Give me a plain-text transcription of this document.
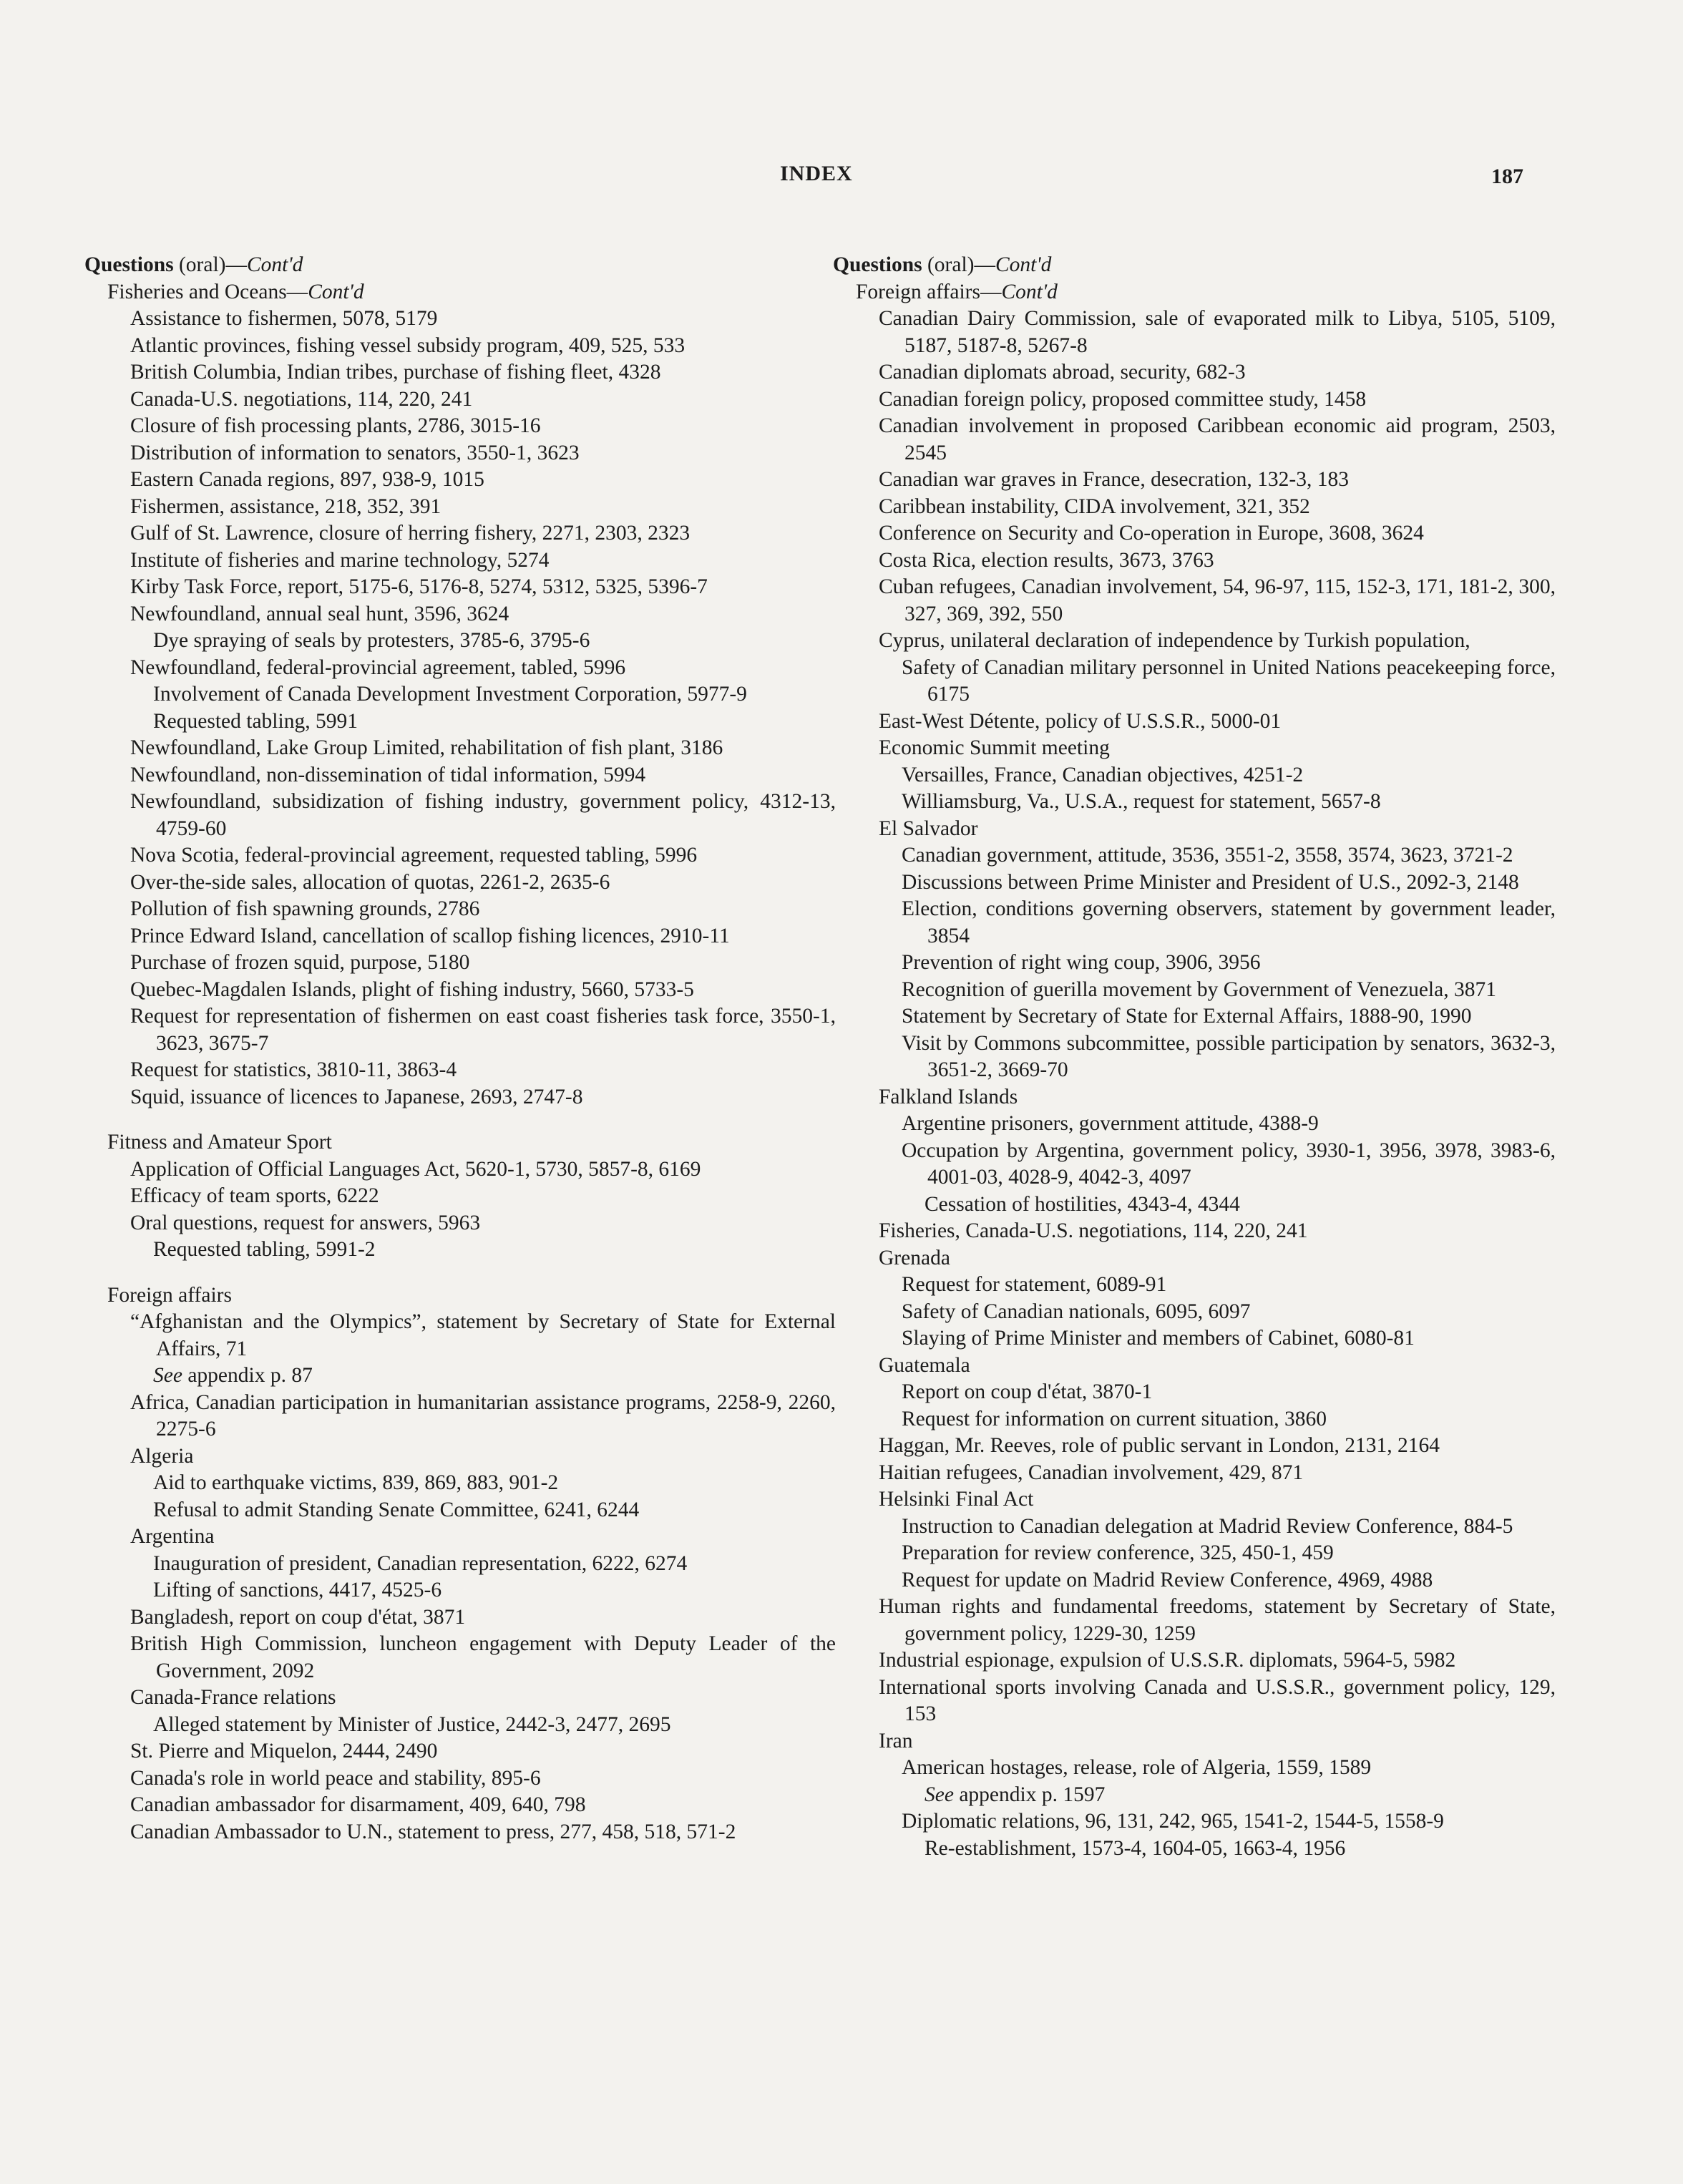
INDEX	187
Questions (oral)—Cont'd
Fisheries and Oceans—Cont'd
Assistance to fishermen, 5078, 5179
Atlantic provinces, fishing vessel subsidy program, 409, 525, 533
British Columbia, Indian tribes, purchase of fishing fleet, 4328
Canada-U.S. negotiations, 114, 220, 241
Closure of fish processing plants, 2786, 3015-16
Distribution of information to senators, 3550-1, 3623
Eastern Canada regions, 897, 938-9, 1015
Fishermen, assistance, 218, 352, 391
Gulf of St. Lawrence, closure of herring fishery, 2271, 2303, 2323
Institute of fisheries and marine technology, 5274
Kirby Task Force, report, 5175-6, 5176-8, 5274, 5312, 5325, 5396-7
Newfoundland, annual seal hunt, 3596, 3624
Dye spraying of seals by protesters, 3785-6, 3795-6
Newfoundland, federal-provincial agreement, tabled, 5996
Involvement of Canada Development Investment Corporation, 5977-9
Requested tabling, 5991
Newfoundland, Lake Group Limited, rehabilitation of fish plant, 3186
Newfoundland, non-dissemination of tidal information, 5994
Newfoundland, subsidization of fishing industry, government policy, 4312-13, 4759-60
Nova Scotia, federal-provincial agreement, requested tabling, 5996
Over-the-side sales, allocation of quotas, 2261-2, 2635-6
Pollution of fish spawning grounds, 2786
Prince Edward Island, cancellation of scallop fishing licences, 2910-11
Purchase of frozen squid, purpose, 5180
Quebec-Magdalen Islands, plight of fishing industry, 5660, 5733-5
Request for representation of fishermen on east coast fisheries task force, 3550-1, 3623, 3675-7
Request for statistics, 3810-11, 3863-4
Squid, issuance of licences to Japanese, 2693, 2747-8
Fitness and Amateur Sport
Application of Official Languages Act, 5620-1, 5730, 5857-8, 6169
Efficacy of team sports, 6222
Oral questions, request for answers, 5963
Requested tabling, 5991-2
Foreign affairs
“Afghanistan and the Olympics”, statement by Secretary of State for External Affairs, 71
See appendix p. 87
Africa, Canadian participation in humanitarian assistance programs, 2258-9, 2260, 2275-6
Algeria
Aid to earthquake victims, 839, 869, 883, 901-2
Refusal to admit Standing Senate Committee, 6241, 6244
Argentina
Inauguration of president, Canadian representation, 6222, 6274
Lifting of sanctions, 4417, 4525-6
Bangladesh, report on coup d'état, 3871
British High Commission, luncheon engagement with Deputy Leader of the Government, 2092
Canada-France relations
Alleged statement by Minister of Justice, 2442-3, 2477, 2695
St. Pierre and Miquelon, 2444, 2490
Canada's role in world peace and stability, 895-6
Canadian ambassador for disarmament, 409, 640, 798
Canadian Ambassador to U.N., statement to press, 277, 458, 518, 571-2
Questions (oral)—Cont'd
Foreign affairs—Cont'd
Canadian Dairy Commission, sale of evaporated milk to Libya, 5105, 5109, 5187, 5187-8, 5267-8
Canadian diplomats abroad, security, 682-3
Canadian foreign policy, proposed committee study, 1458
Canadian involvement in proposed Caribbean economic aid program, 2503, 2545
Canadian war graves in France, desecration, 132-3, 183
Caribbean instability, CIDA involvement, 321, 352
Conference on Security and Co-operation in Europe, 3608, 3624
Costa Rica, election results, 3673, 3763
Cuban refugees, Canadian involvement, 54, 96-97, 115, 152-3, 171, 181-2, 300, 327, 369, 392, 550
Cyprus, unilateral declaration of independence by Turkish population,
Safety of Canadian military personnel in United Nations peacekeeping force, 6175
East-West Détente, policy of U.S.S.R., 5000-01
Economic Summit meeting
Versailles, France, Canadian objectives, 4251-2
Williamsburg, Va., U.S.A., request for statement, 5657-8
El Salvador
Canadian government, attitude, 3536, 3551-2, 3558, 3574, 3623, 3721-2
Discussions between Prime Minister and President of U.S., 2092-3, 2148
Election, conditions governing observers, statement by government leader, 3854
Prevention of right wing coup, 3906, 3956
Recognition of guerilla movement by Government of Venezuela, 3871
Statement by Secretary of State for External Affairs, 1888-90, 1990
Visit by Commons subcommittee, possible participation by senators, 3632-3, 3651-2, 3669-70
Falkland Islands
Argentine prisoners, government attitude, 4388-9
Occupation by Argentina, government policy, 3930-1, 3956, 3978, 3983-6, 4001-03, 4028-9, 4042-3, 4097
Cessation of hostilities, 4343-4, 4344
Fisheries, Canada-U.S. negotiations, 114, 220, 241
Grenada
Request for statement, 6089-91
Safety of Canadian nationals, 6095, 6097
Slaying of Prime Minister and members of Cabinet, 6080-81
Guatemala
Report on coup d'état, 3870-1
Request for information on current situation, 3860
Haggan, Mr. Reeves, role of public servant in London, 2131, 2164
Haitian refugees, Canadian involvement, 429, 871
Helsinki Final Act
Instruction to Canadian delegation at Madrid Review Conference, 884-5
Preparation for review conference, 325, 450-1, 459
Request for update on Madrid Review Conference, 4969, 4988
Human rights and fundamental freedoms, statement by Secretary of State, government policy, 1229-30, 1259
Industrial espionage, expulsion of U.S.S.R. diplomats, 5964-5, 5982
International sports involving Canada and U.S.S.R., government policy, 129, 153
Iran
American hostages, release, role of Algeria, 1559, 1589
See appendix p. 1597
Diplomatic relations, 96, 131, 242, 965, 1541-2, 1544-5, 1558-9
Re-establishment, 1573-4, 1604-05, 1663-4, 1956
